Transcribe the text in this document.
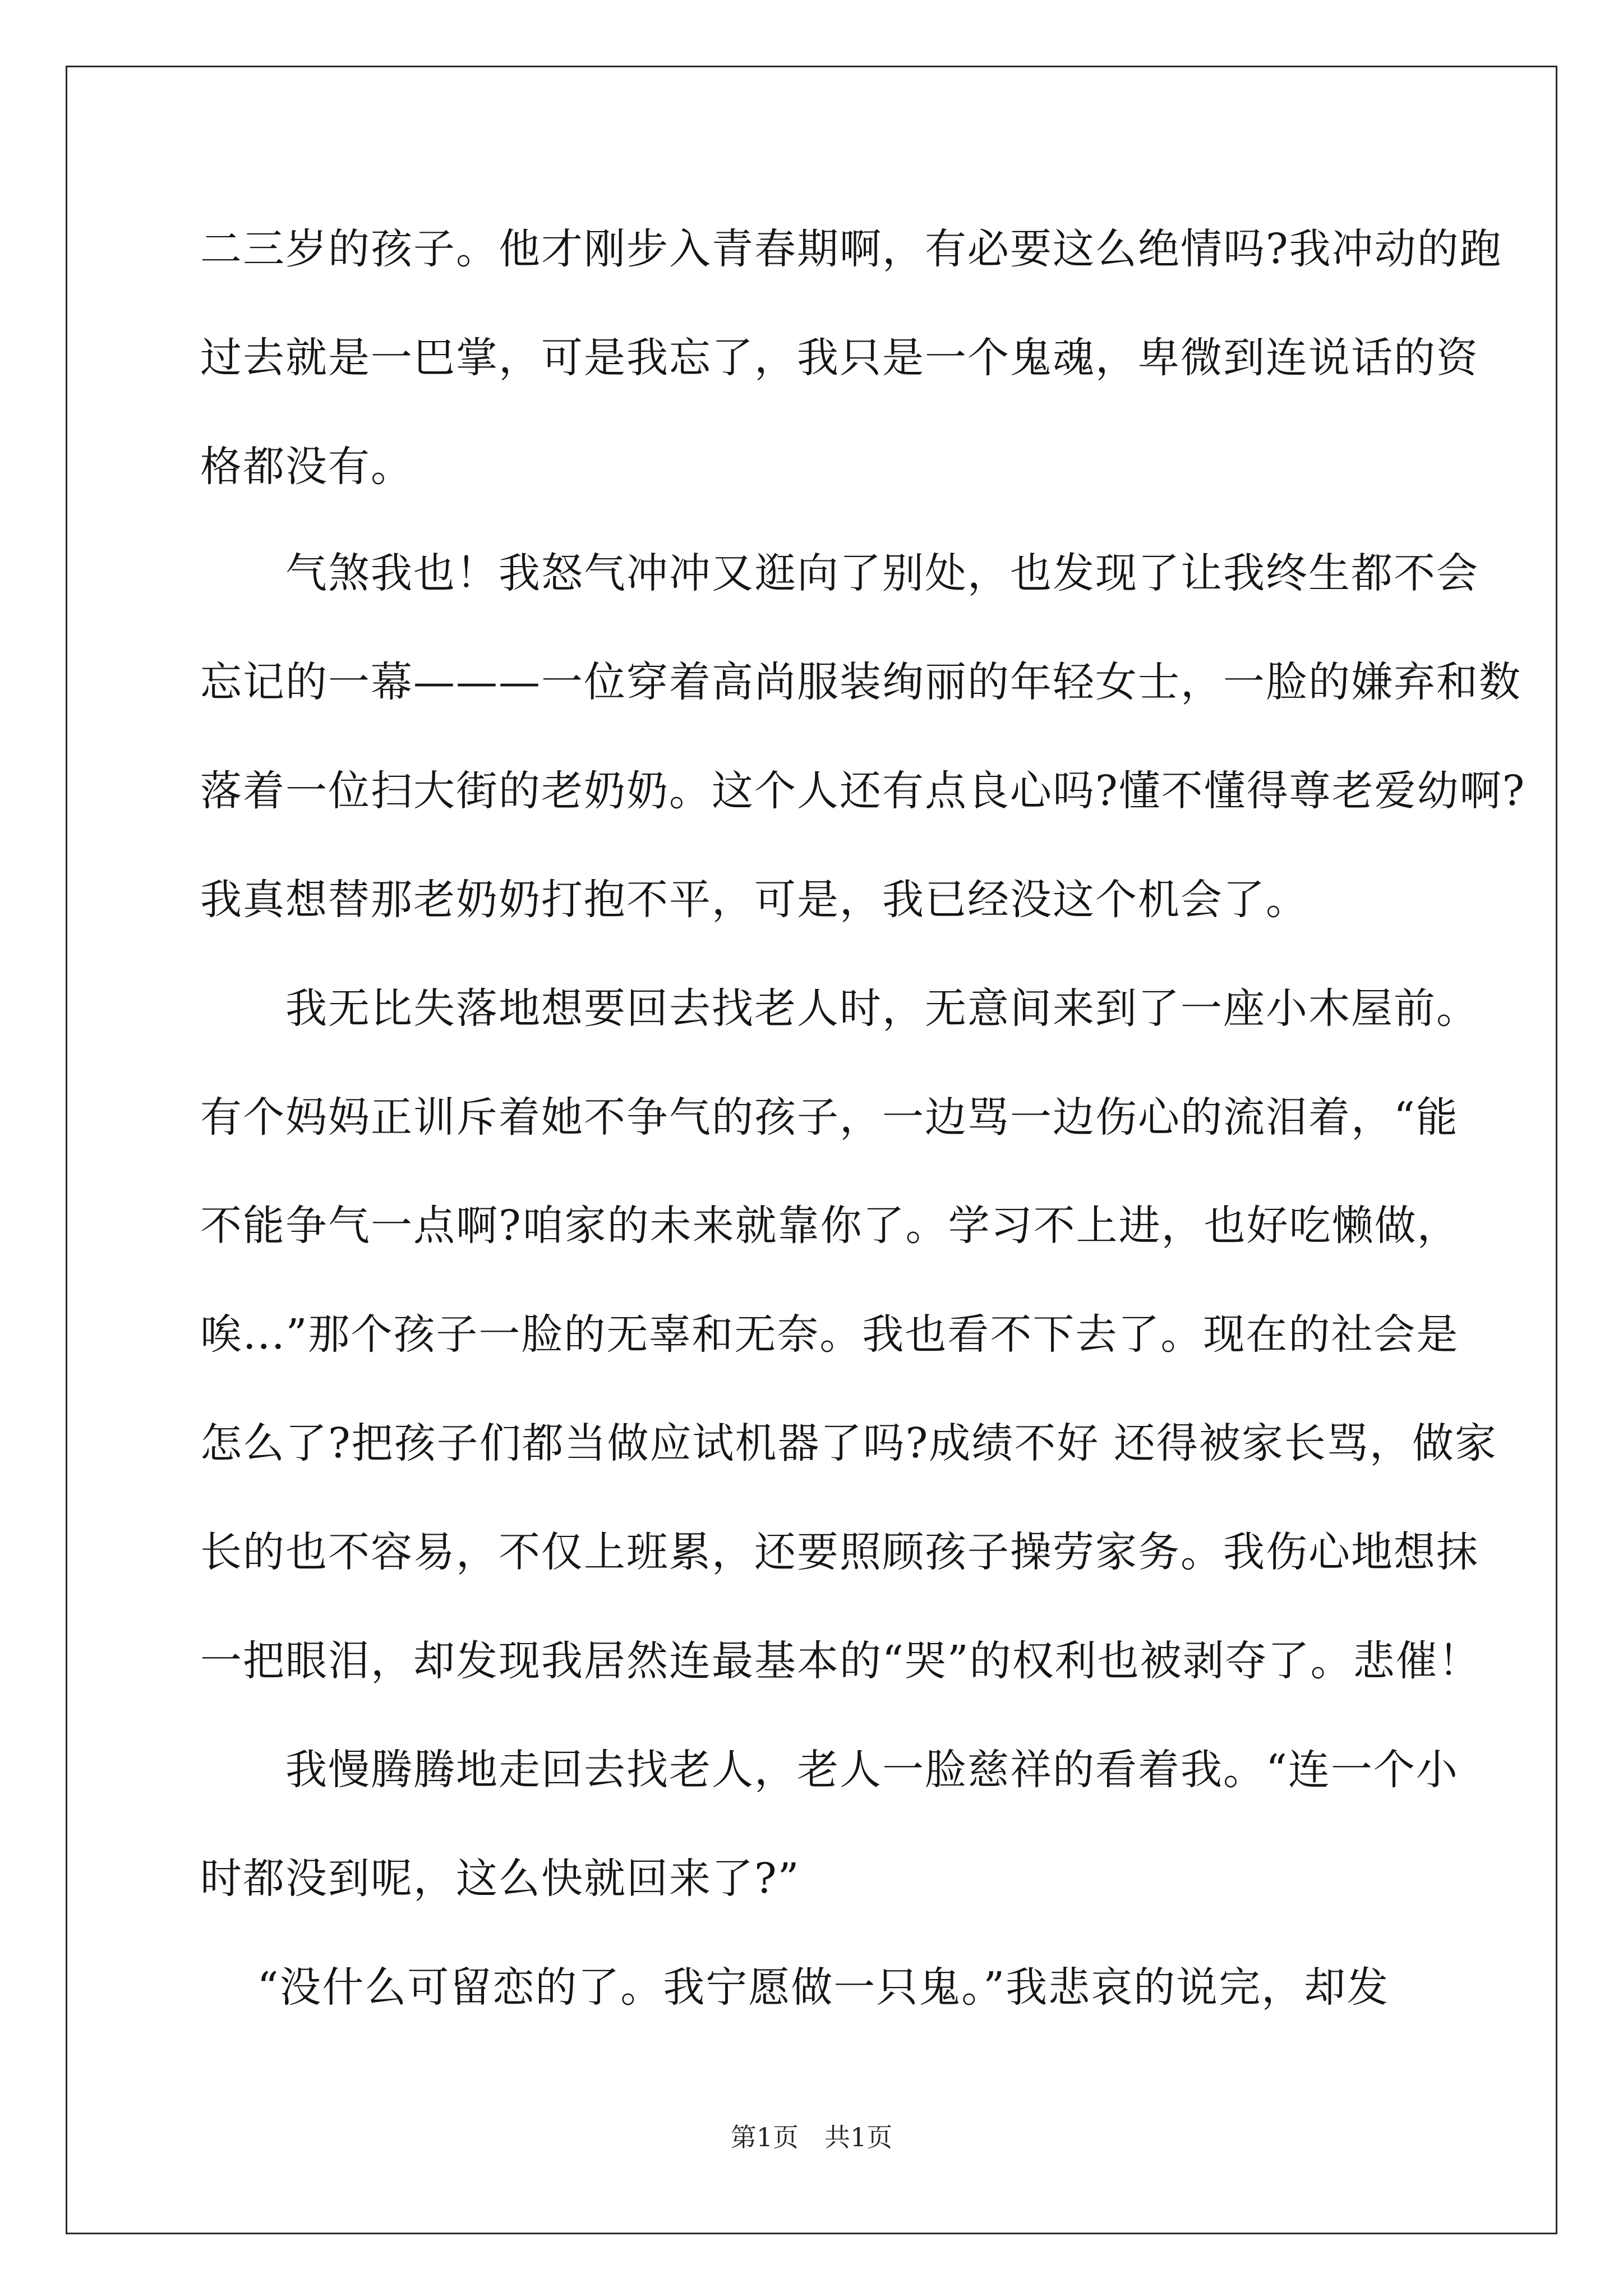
二三岁的孩子。他才刚步入青春期啊，有必要这么绝情吗?我冲动的跑

过去就是一巴掌，可是我忘了，我只是一个鬼魂，卑微到连说话的资

格都没有。

　　气煞我也！我怒气冲冲又逛向了别处，也发现了让我终生都不会

忘记的一幕———一位穿着高尚服装绚丽的年轻女士，一脸的嫌弃和数

落着一位扫大街的老奶奶。这个人还有点良心吗?懂不懂得尊老爱幼啊?

我真想替那老奶奶打抱不平，可是，我已经没这个机会了。

　　我无比失落地想要回去找老人时，无意间来到了一座小木屋前。

有个妈妈正训斥着她不争气的孩子，一边骂一边伤心的流泪着，“能

不能争气一点啊?咱家的未来就靠你了。学习不上进，也好吃懒做，

唉...”那个孩子一脸的无辜和无奈。我也看不下去了。现在的社会是

怎么了?把孩子们都当做应试机器了吗?成绩不好 还得被家长骂，做家

长的也不容易，不仅上班累，还要照顾孩子操劳家务。我伤心地想抹

一把眼泪，却发现我居然连最基本的“哭”的权利也被剥夺了。悲催！

　　我慢腾腾地走回去找老人，老人一脸慈祥的看着我。“连一个小

时都没到呢，这么快就回来了?”

　 “没什么可留恋的了。我宁愿做一只鬼。”我悲哀的说完，却发

第1页　共1页
